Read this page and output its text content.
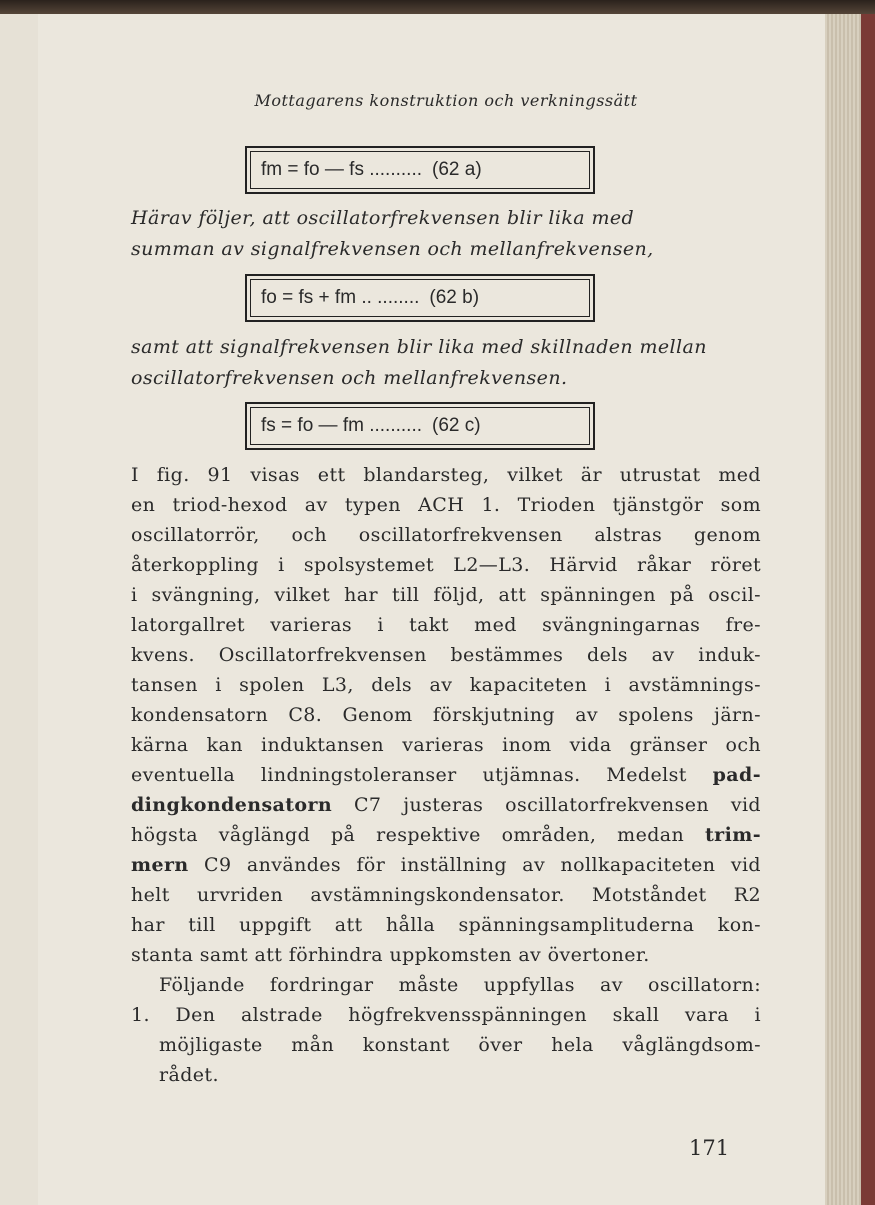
Mottagarens konstruktion och verkningssätt
fm = fo — fs .......... (62 a)
Härav följer, att oscillatorfrekvensen blir lika med
summan av signalfrekvensen och mellanfrekvensen,
fo = fs + fm .. ........ (62 b)
samt att signalfrekvensen blir lika med skillnaden mellan
oscillatorfrekvensen och mellanfrekvensen.
fs = fo — fm .......... (62 c)
I fig. 91 visas ett blandarsteg, vilket är utrustat med
en triod-hexod av typen ACH 1. Trioden tjänstgör som
oscillatorrör, och oscillatorfrekvensen alstras genom
återkoppling i spolsystemet L2—L3. Härvid råkar röret
i svängning, vilket har till följd, att spänningen på oscil-
latorgallret varieras i takt med svängningarnas fre-
kvens. Oscillatorfrekvensen bestämmes dels av induk-
tansen i spolen L3, dels av kapaciteten i avstämnings-
kondensatorn C8. Genom förskjutning av spolens järn-
kärna kan induktansen varieras inom vida gränser och
eventuella lindningstoleranser utjämnas. Medelst pad-
dingkondensatorn C7 justeras oscillatorfrekvensen vid
högsta våglängd på respektive områden, medan trim-
mern C9 användes för inställning av nollkapaciteten vid
helt urvriden avstämningskondensator. Motståndet R2
har till uppgift att hålla spänningsamplituderna kon-
stanta samt att förhindra uppkomsten av övertoner.
Följande fordringar måste uppfyllas av oscillatorn:
1. Den alstrade högfrekvensspänningen skall vara i
möjligaste mån konstant över hela våglängdsom-
rådet.
171
